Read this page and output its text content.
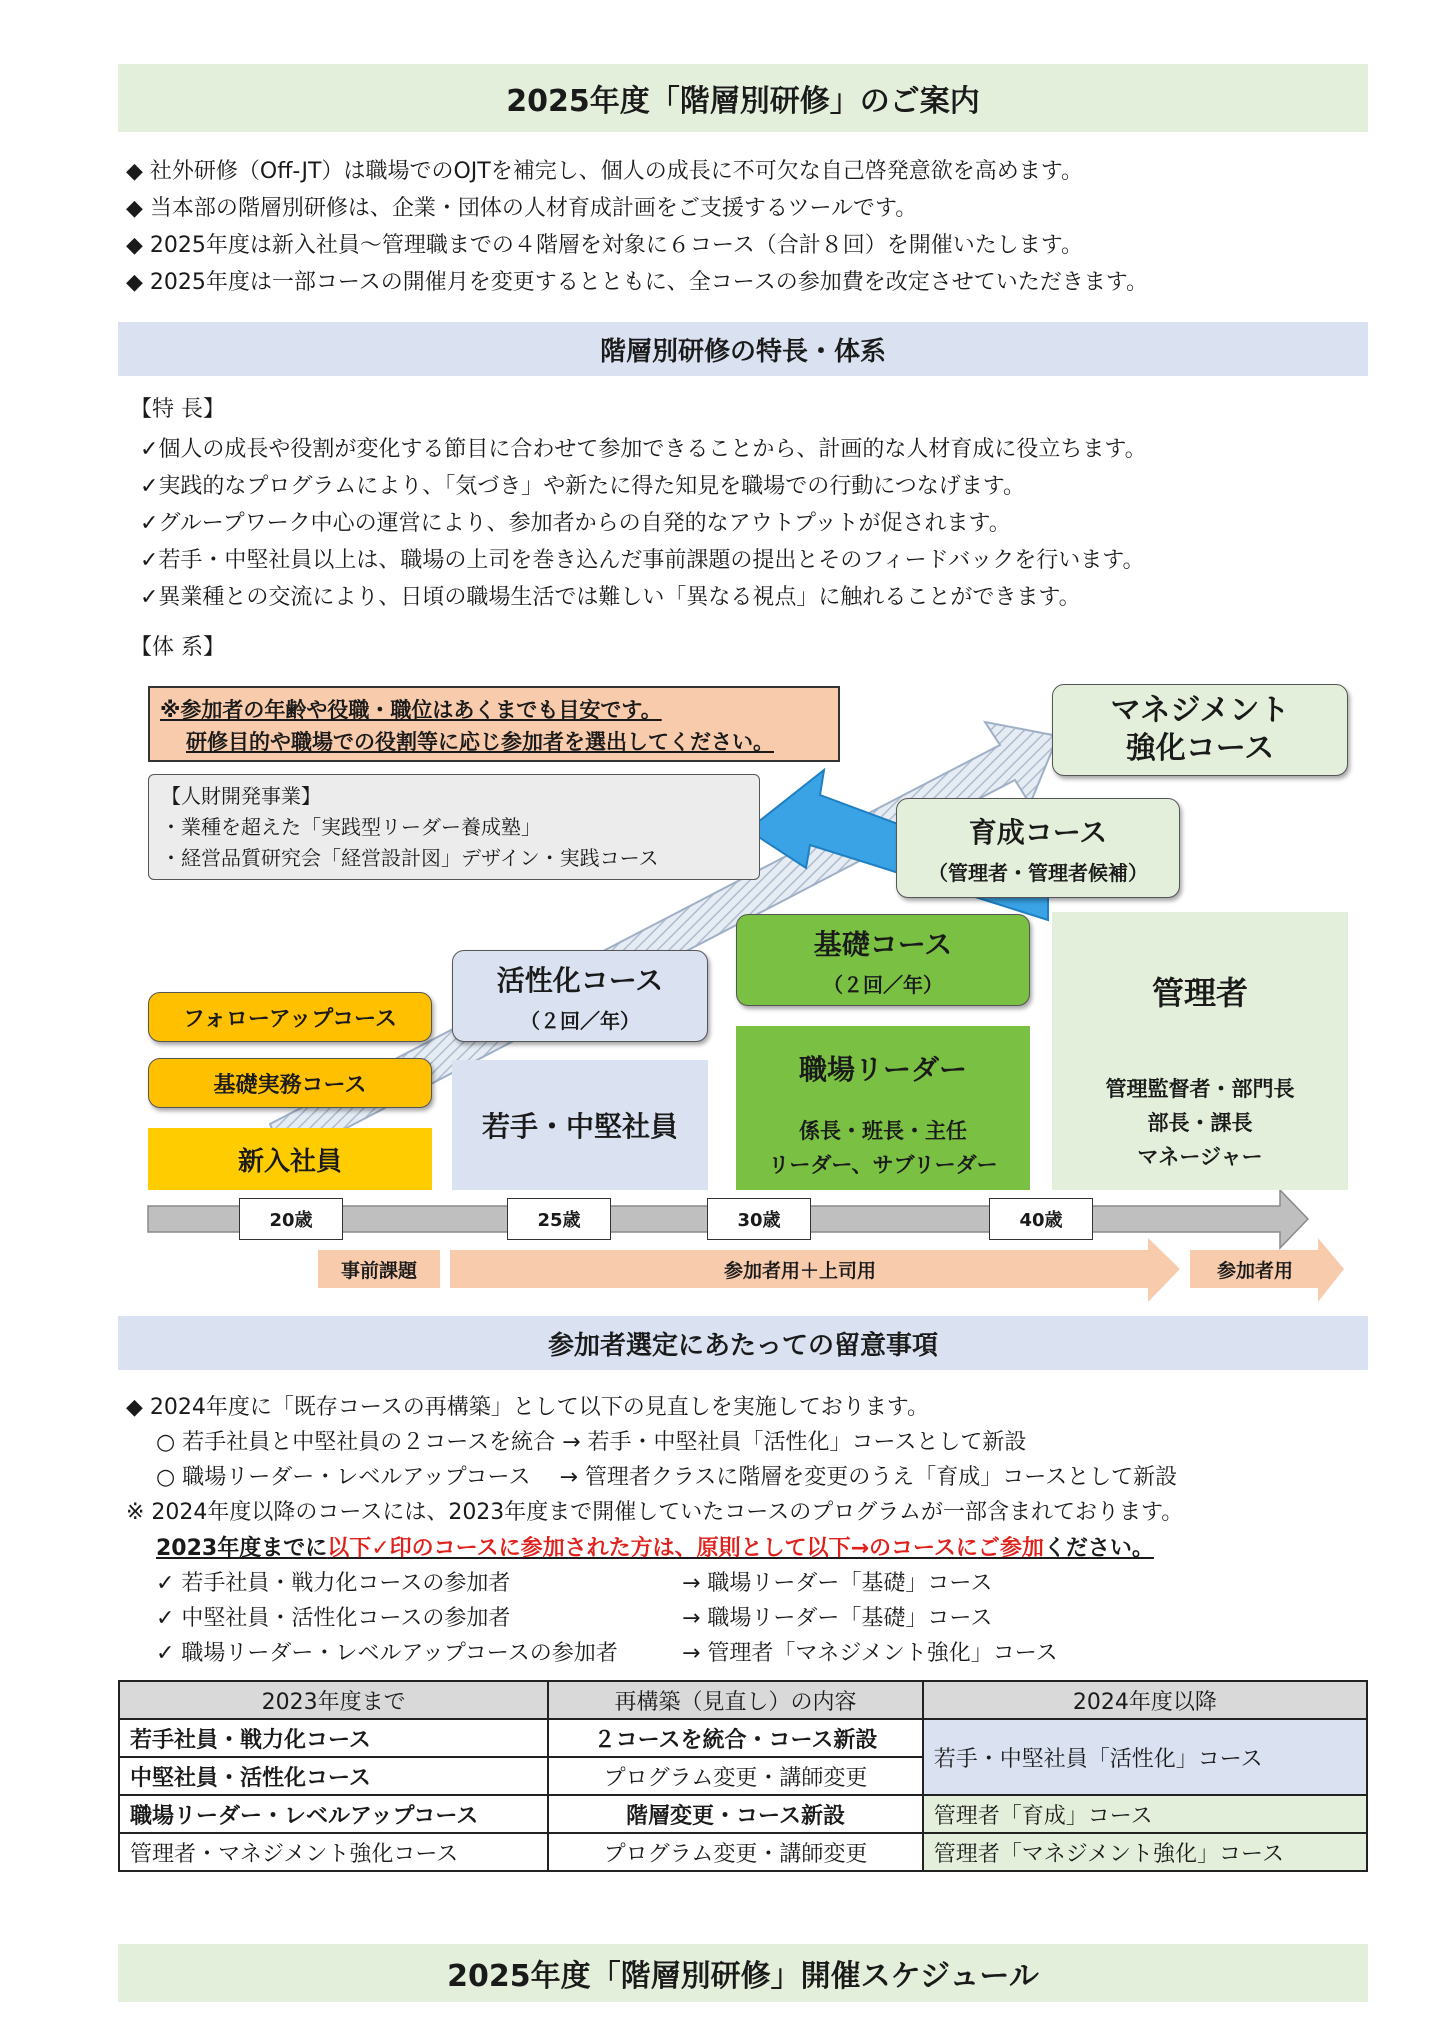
2025年度「階層別研修」のご案内
◆ 社外研修（Off-JT）は職場でのOJTを補完し、個人の成長に不可欠な自己啓発意欲を高めます。
◆ 当本部の階層別研修は、企業・団体の人材育成計画をご支援するツールです。
◆ 2025年度は新入社員～管理職までの４階層を対象に６コース（合計８回）を開催いたします。
◆ 2025年度は一部コースの開催月を変更するとともに、全コースの参加費を改定させていただきます。
階層別研修の特長・体系
【特 長】
✓個人の成長や役割が変化する節目に合わせて参加できることから、計画的な人材育成に役立ちます。
✓実践的なプログラムにより、「気づき」や新たに得た知見を職場での行動につなげます。
✓グループワーク中心の運営により、参加者からの自発的なアウトプットが促されます。
✓若手・中堅社員以上は、職場の上司を巻き込んだ事前課題の提出とそのフィードバックを行います。
✓異業種との交流により、日頃の職場生活では難しい「異なる視点」に触れることができます。
【体 系】
※参加者の年齢や役職・職位はあくまでも目安です。
研修目的や職場での役割等に応じ参加者を選出してください。
【人財開発事業】
・業種を超えた「実践型リーダー養成塾」
・経営品質研究会「経営設計図」デザイン・実践コース
マネジメント
強化コース
育成コース
（管理者・管理者候補）
管理者
管理監督者・部門長
部長・課長
マネージャー
基礎コース
（２回／年）
職場リーダー
係長・班長・主任
リーダー、サブリーダー
活性化コース
（２回／年）
若手・中堅社員
フォローアップコース
基礎実務コース
新入社員
20歳	25歳	30歳	40歳
事前課題	参加者用＋上司用	参加者用
参加者選定にあたっての留意事項
◆ 2024年度に「既存コースの再構築」として以下の見直しを実施しております。
○ 若手社員と中堅社員の２コースを統合 → 若手・中堅社員「活性化」コースとして新設
○ 職場リーダー・レベルアップコース　 → 管理者クラスに階層を変更のうえ「育成」コースとして新設
※ 2024年度以降のコースには、2023年度まで開催していたコースのプログラムが一部含まれております。
2023年度までに以下✓印のコースに参加された方は、原則として以下→のコースにご参加ください。
✓ 若手社員・戦力化コースの参加者	→ 職場リーダー「基礎」コース
✓ 中堅社員・活性化コースの参加者	→ 職場リーダー「基礎」コース
✓ 職場リーダー・レベルアップコースの参加者	→ 管理者「マネジメント強化」コース
2023年度まで	再構築（見直し）の内容	2024年度以降
若手社員・戦力化コース	２コースを統合・コース新設	若手・中堅社員「活性化」コース
中堅社員・活性化コース	プログラム変更・講師変更	
職場リーダー・レベルアップコース	階層変更・コース新設	管理者「育成」コース
管理者・マネジメント強化コース	プログラム変更・講師変更	管理者「マネジメント強化」コース
2025年度「階層別研修」開催スケジュール
